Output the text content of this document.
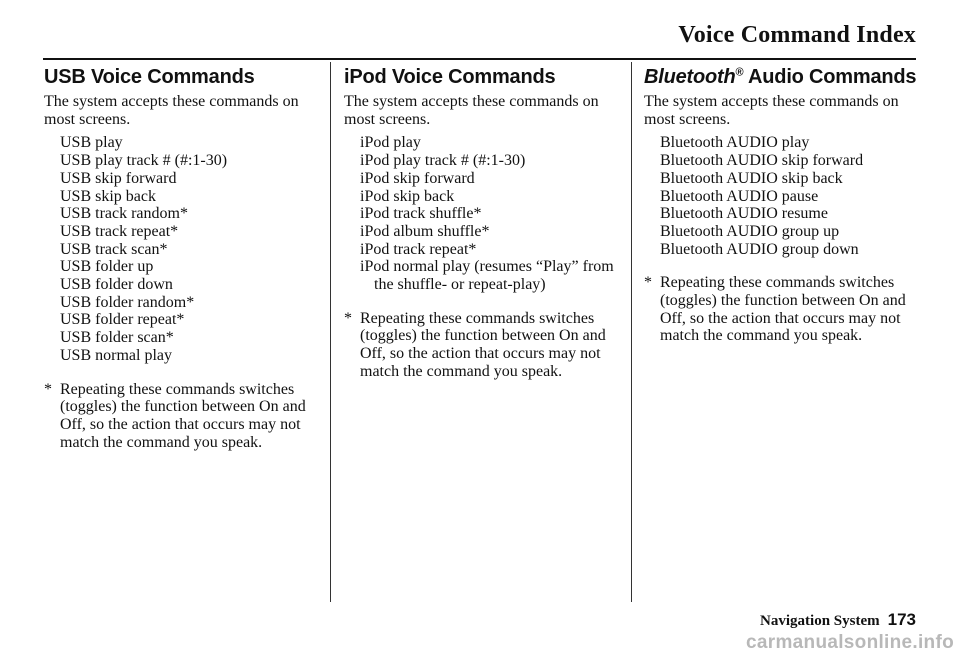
Voice Command Index
USB Voice Commands

The system accepts these commands on most screens.

USB play
USB play track # (#:1-30)
USB skip forward
USB skip back
USB track random*
USB track repeat*
USB track scan*
USB folder up
USB folder down
USB folder random*
USB folder repeat*
USB folder scan*
USB normal play

* Repeating these commands switches (toggles) the function between On and Off, so the action that occurs may not match the command you speak.

iPod Voice Commands

The system accepts these commands on most screens.

iPod play
iPod play track # (#:1-30)
iPod skip forward
iPod skip back
iPod track shuffle*
iPod album shuffle*
iPod track repeat*
iPod normal play (resumes “Play” from the shuffle- or repeat-play)

* Repeating these commands switches (toggles) the function between On and Off, so the action that occurs may not match the command you speak.

Bluetooth® Audio Commands

The system accepts these commands on most screens.

Bluetooth AUDIO play
Bluetooth AUDIO skip forward
Bluetooth AUDIO skip back
Bluetooth AUDIO pause
Bluetooth AUDIO resume
Bluetooth AUDIO group up
Bluetooth AUDIO group down

* Repeating these commands switches (toggles) the function between On and Off, so the action that occurs may not match the command you speak.

Navigation System 173
carmanualsonline.info
